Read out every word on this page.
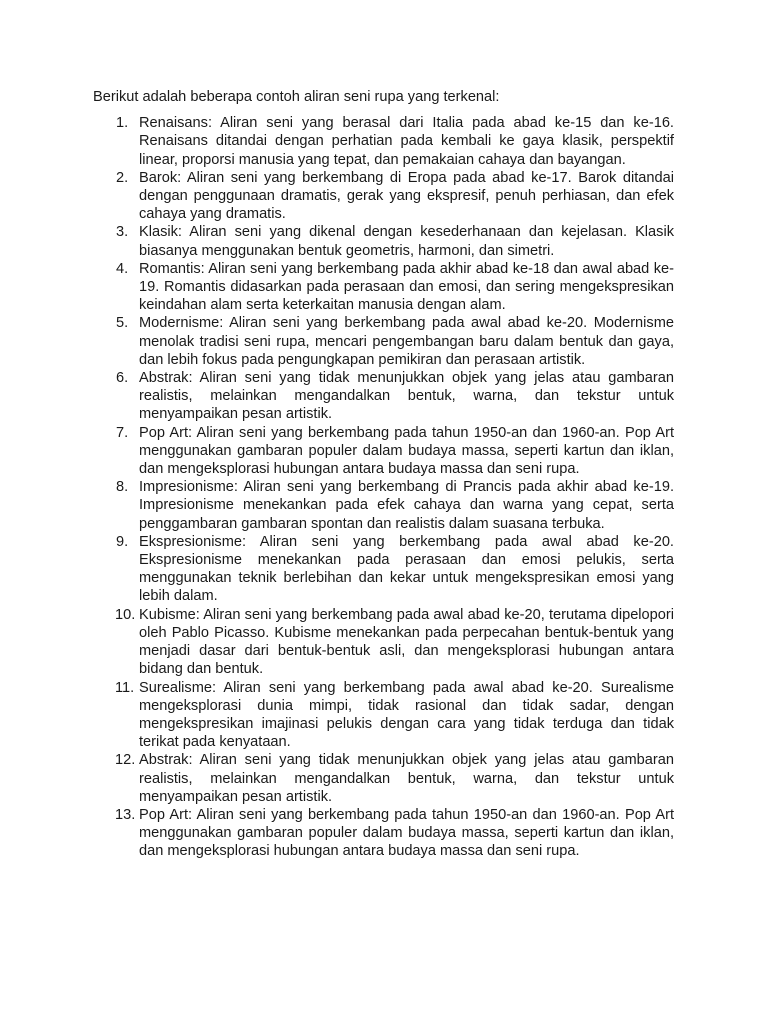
Berikut adalah beberapa contoh aliran seni rupa yang terkenal:

1. Renaisans: Aliran seni yang berasal dari Italia pada abad ke-15 dan ke-16. Renaisans ditandai dengan perhatian pada kembali ke gaya klasik, perspektif linear, proporsi manusia yang tepat, dan pemakaian cahaya dan bayangan.
2. Barok: Aliran seni yang berkembang di Eropa pada abad ke-17. Barok ditandai dengan penggunaan dramatis, gerak yang ekspresif, penuh perhiasan, dan efek cahaya yang dramatis.
3. Klasik: Aliran seni yang dikenal dengan kesederhanaan dan kejelasan. Klasik biasanya menggunakan bentuk geometris, harmoni, dan simetri.
4. Romantis: Aliran seni yang berkembang pada akhir abad ke-18 dan awal abad ke-19. Romantis didasarkan pada perasaan dan emosi, dan sering mengekspresikan keindahan alam serta keterkaitan manusia dengan alam.
5. Modernisme: Aliran seni yang berkembang pada awal abad ke-20. Modernisme menolak tradisi seni rupa, mencari pengembangan baru dalam bentuk dan gaya, dan lebih fokus pada pengungkapan pemikiran dan perasaan artistik.
6. Abstrak: Aliran seni yang tidak menunjukkan objek yang jelas atau gambaran realistis, melainkan mengandalkan bentuk, warna, dan tekstur untuk menyampaikan pesan artistik.
7. Pop Art: Aliran seni yang berkembang pada tahun 1950-an dan 1960-an. Pop Art menggunakan gambaran populer dalam budaya massa, seperti kartun dan iklan, dan mengeksplorasi hubungan antara budaya massa dan seni rupa.
8. Impresionisme: Aliran seni yang berkembang di Prancis pada akhir abad ke-19. Impresionisme menekankan pada efek cahaya dan warna yang cepat, serta penggambaran gambaran spontan dan realistis dalam suasana terbuka.
9. Ekspresionisme: Aliran seni yang berkembang pada awal abad ke-20. Ekspresionisme menekankan pada perasaan dan emosi pelukis, serta menggunakan teknik berlebihan dan kekar untuk mengekspresikan emosi yang lebih dalam.
10. Kubisme: Aliran seni yang berkembang pada awal abad ke-20, terutama dipelopori oleh Pablo Picasso. Kubisme menekankan pada perpecahan bentuk-bentuk yang menjadi dasar dari bentuk-bentuk asli, dan mengeksplorasi hubungan antara bidang dan bentuk.
11. Surealisme: Aliran seni yang berkembang pada awal abad ke-20. Surealisme mengeksplorasi dunia mimpi, tidak rasional dan tidak sadar, dengan mengekspresikan imajinasi pelukis dengan cara yang tidak terduga dan tidak terikat pada kenyataan.
12. Abstrak: Aliran seni yang tidak menunjukkan objek yang jelas atau gambaran realistis, melainkan mengandalkan bentuk, warna, dan tekstur untuk menyampaikan pesan artistik.
13. Pop Art: Aliran seni yang berkembang pada tahun 1950-an dan 1960-an. Pop Art menggunakan gambaran populer dalam budaya massa, seperti kartun dan iklan, dan mengeksplorasi hubungan antara budaya massa dan seni rupa.
